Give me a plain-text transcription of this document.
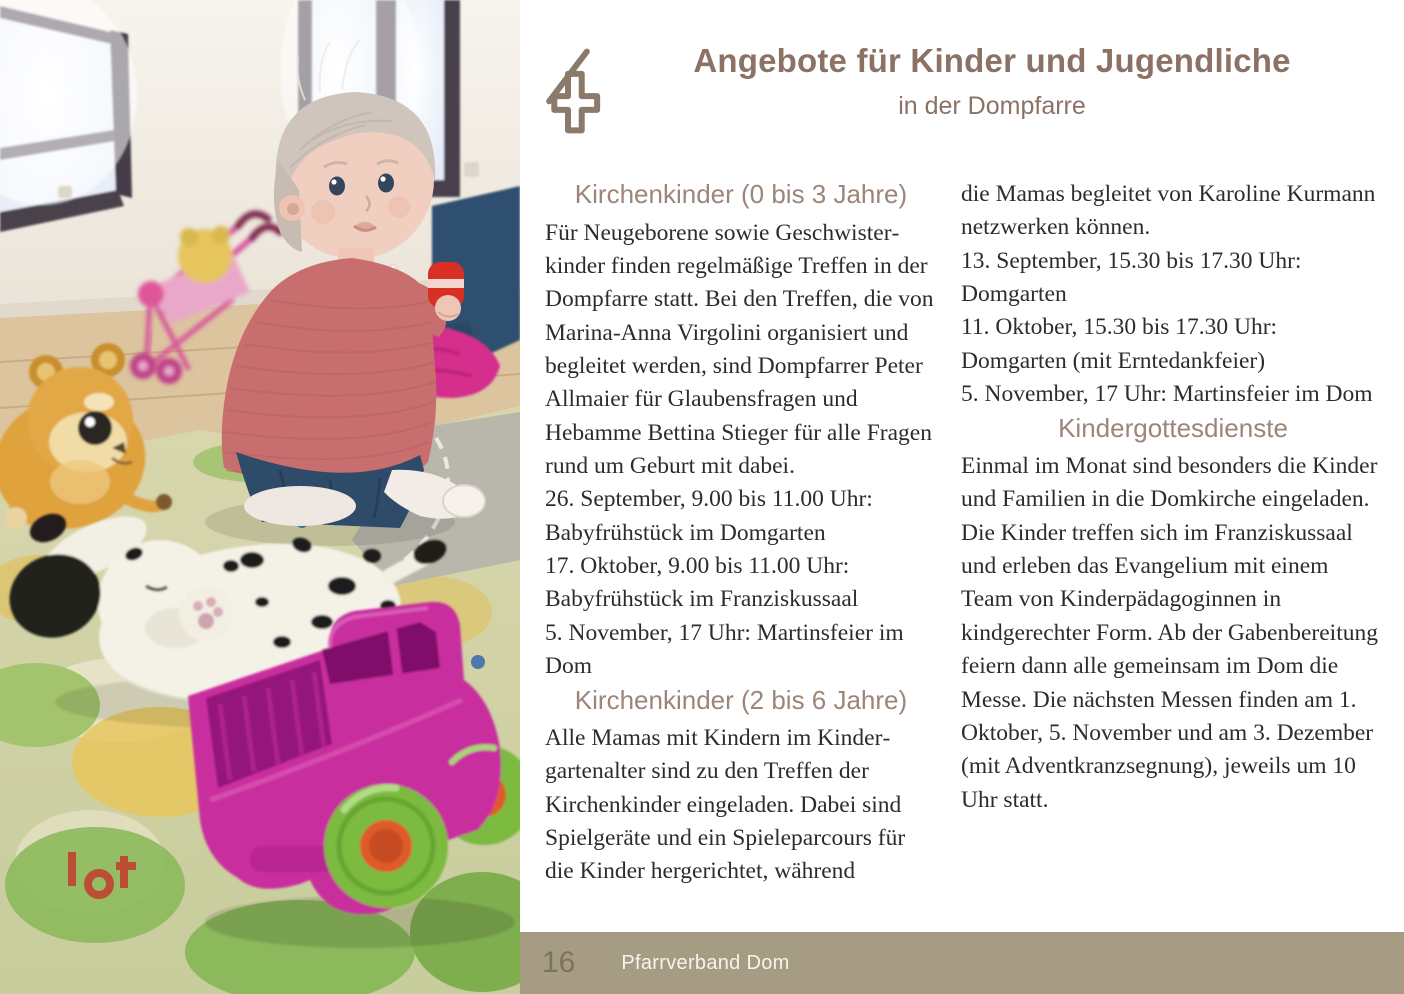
Angebote für Kinder und Jugendliche
in der Dompfarre
Kirchenkinder (0 bis 3 Jahre)

Für Neugeborene sowie Geschwisterkinder finden regelmäßige Treffen in der Dompfarre statt. Bei den Treffen, die von Marina-Anna Virgolini organisiert und begleitet werden, sind Dompfarrer Peter Allmaier für Glaubensfragen und Hebamme Bettina Stieger für alle Fragen rund um Geburt mit dabei.

26. September, 9.00 bis 11.00 Uhr: Babyfrühstück im Domgarten
17. Oktober, 9.00 bis 11.00 Uhr: Babyfrühstück im Franziskussaal
5. November, 17 Uhr: Martinsfeier im Dom
Kirchenkinder (2 bis 6 Jahre)

Alle Mamas mit Kindern im Kindergartenalter sind zu den Treffen der Kirchenkinder eingeladen. Dabei sind Spielgeräte und ein Spieleparcours für die Kinder hergerichtet, während

die Mamas begleitet von Karoline Kurmann netzwerken können.

13. September, 15.30 bis 17.30 Uhr: Domgarten
11. Oktober, 15.30 bis 17.30 Uhr: Domgarten (mit Erntedankfeier)
5. November, 17 Uhr: Martinsfeier im Dom
Kindergottesdienste

Einmal im Monat sind besonders die Kinder und Familien in die Domkirche eingeladen. Die Kinder treffen sich im Franziskussaal und erleben das Evangelium mit einem Team von Kinderpädagoginnen in kindgerechter Form. Ab der Gabenbereitung feiern dann alle gemeinsam im Dom die Messe. Die nächsten Messen finden am 1. Oktober, 5. November und am 3. Dezember (mit Adventkranzsegnung), jeweils um 10 Uhr statt.

16 Pfarrverband Dom
